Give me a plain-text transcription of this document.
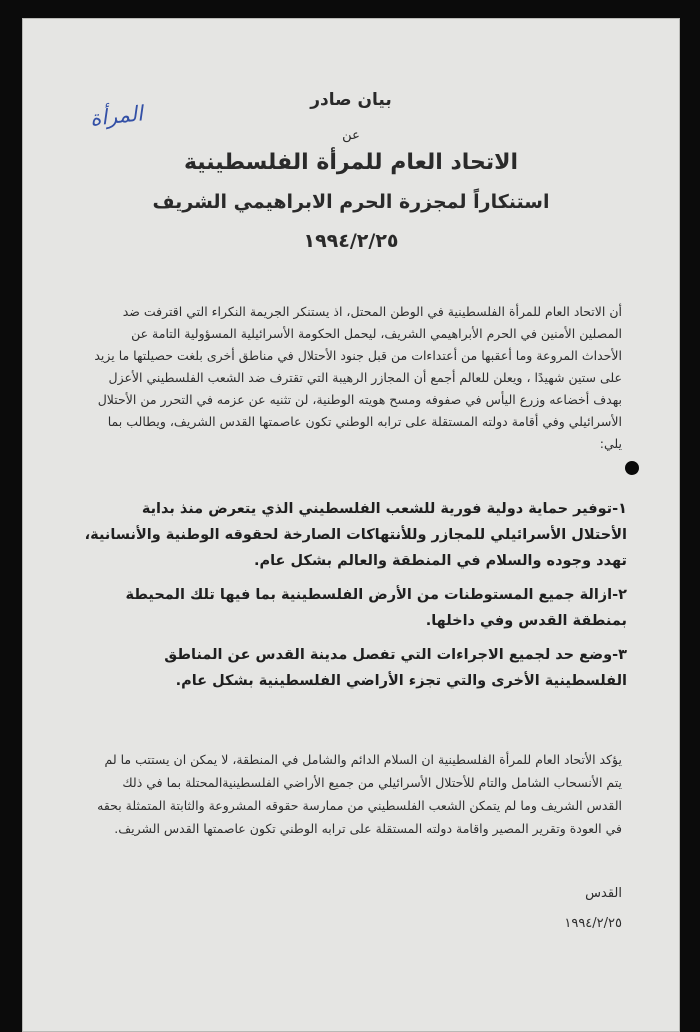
المرأة
بيان صادر
عن
الاتحاد العام للمرأة الفلسطينية
استنكاراً لمجزرة الحرم الابراهيمي الشريف
١٩٩٤/٢/٢٥
أن الاتحاد العام للمرأة الفلسطينية في الوطن المحتل، اذ يستنكر الجريمة النكراء التي اقترفت ضد المصلين الأمنين في الحرم الأبراهيمي الشريف، ليحمل الحكومة الأسرائيلية المسؤولية التامة عن الأحداث المروعة وما أعقبها من أعتداءات من قبل جنود الأحتلال في مناطق أخرى بلغت حصيلتها ما يزيد على ستين شهيدًا ، ويعلن للعالم أجمع أن المجازر الرهيبة التي تقترف ضد الشعب الفلسطيني الأعزل بهدف أخضاعه وزرع اليأس في صفوفه ومسح هويته الوطنية، لن تثنيه عن عزمه في التحرر من الأحتلال الأسرائيلي وفي أقامة دولته المستقلة على ترابه الوطني تكون عاصمتها القدس الشريف، ويطالب بما يلي:
١-توفير حماية دولية فورية للشعب الفلسطيني الذي يتعرض منذ بداية الأحتلال الأسرائيلي للمجازر وللأنتهاكات الصارخة لحقوقه الوطنية والأنسانية، تهدد وجوده والسلام في المنطقة والعالم بشكل عام.
٢-ازالة جميع المستوطنات من الأرض الفلسطينية بما فيها تلك المحيطة بمنطقة القدس وفي داخلها.
٣-وضع حد لجميع الاجراءات التي تفصل مدينة القدس عن المناطق الفلسطينية الأخرى والتي تجزء الأراضي الفلسطينية بشكل عام.
يؤكد الأتحاد العام للمرأة الفلسطينية ان السلام الدائم والشامل في المنطقة، لا يمكن ان يستتب ما لم يتم الأنسحاب الشامل والتام للأحتلال الأسرائيلي من جميع الأراضي الفلسطينيةالمحتلة بما في ذلك القدس الشريف وما لم يتمكن الشعب الفلسطيني من ممارسة حقوقه المشروعة والثابتة المتمثلة بحقه في العودة وتقرير المصير واقامة دولته المستقلة على ترابه الوطني تكون عاصمتها القدس الشريف.
القدس
١٩٩٤/٢/٢٥
